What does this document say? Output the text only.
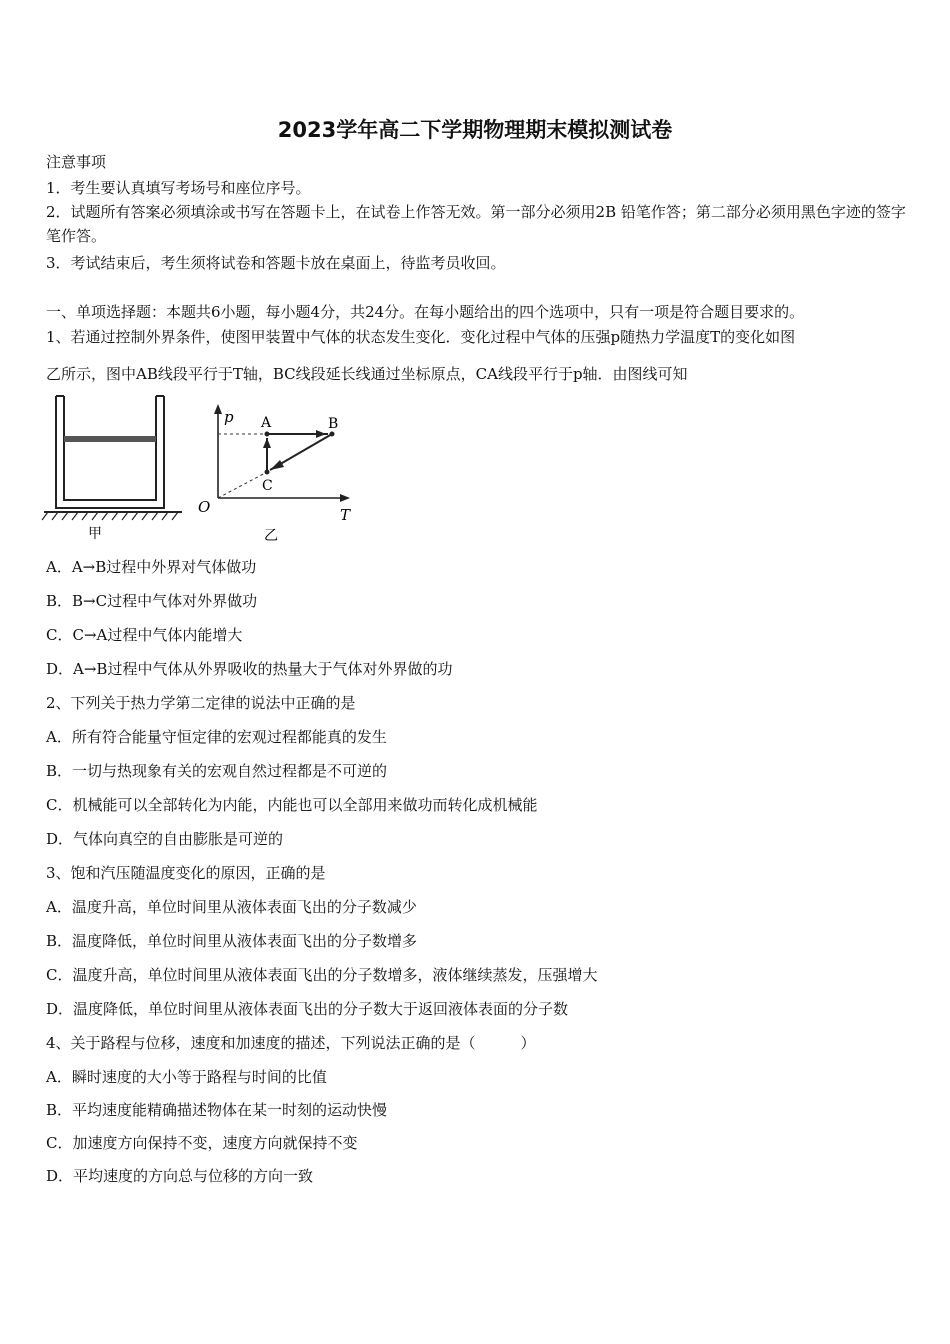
2023学年高二下学期物理期末模拟测试卷
注意事项
1．考生要认真填写考场号和座位序号。
2．试题所有答案必须填涂或书写在答题卡上，在试卷上作答无效。第一部分必须用2B 铅笔作答；第二部分必须用黑色字迹的签字笔作答。
3．考试结束后，考生须将试卷和答题卡放在桌面上，待监考员收回。
一、单项选择题：本题共6小题，每小题4分，共24分。在每小题给出的四个选项中，只有一项是符合题目要求的。
1、若通过控制外界条件，使图甲装置中气体的状态发生变化．变化过程中气体的压强p随热力学温度T的变化如图
乙所示，图中AB线段平行于T轴，BC线段延长线通过坐标原点，CA线段平行于p轴．由图线可知
甲
p
T
O
A	B
C
乙
A．A→B过程中外界对气体做功
B．B→C过程中气体对外界做功
C．C→A过程中气体内能增大
D．A→B过程中气体从外界吸收的热量大于气体对外界做的功
2、下列关于热力学第二定律的说法中正确的是
A．所有符合能量守恒定律的宏观过程都能真的发生
B．一切与热现象有关的宏观自然过程都是不可逆的
C．机械能可以全部转化为内能，内能也可以全部用来做功而转化成机械能
D．气体向真空的自由膨胀是可逆的
3、饱和汽压随温度变化的原因，正确的是
A．温度升高，单位时间里从液体表面飞出的分子数减少
B．温度降低，单位时间里从液体表面飞出的分子数增多
C．温度升高，单位时间里从液体表面飞出的分子数增多，液体继续蒸发，压强增大
D．温度降低，单位时间里从液体表面飞出的分子数大于返回液体表面的分子数
4、关于路程与位移，速度和加速度的描述，下列说法正确的是（　　　）
A．瞬时速度的大小等于路程与时间的比值
B．平均速度能精确描述物体在某一时刻的运动快慢
C．加速度方向保持不变，速度方向就保持不变
D．平均速度的方向总与位移的方向一致
